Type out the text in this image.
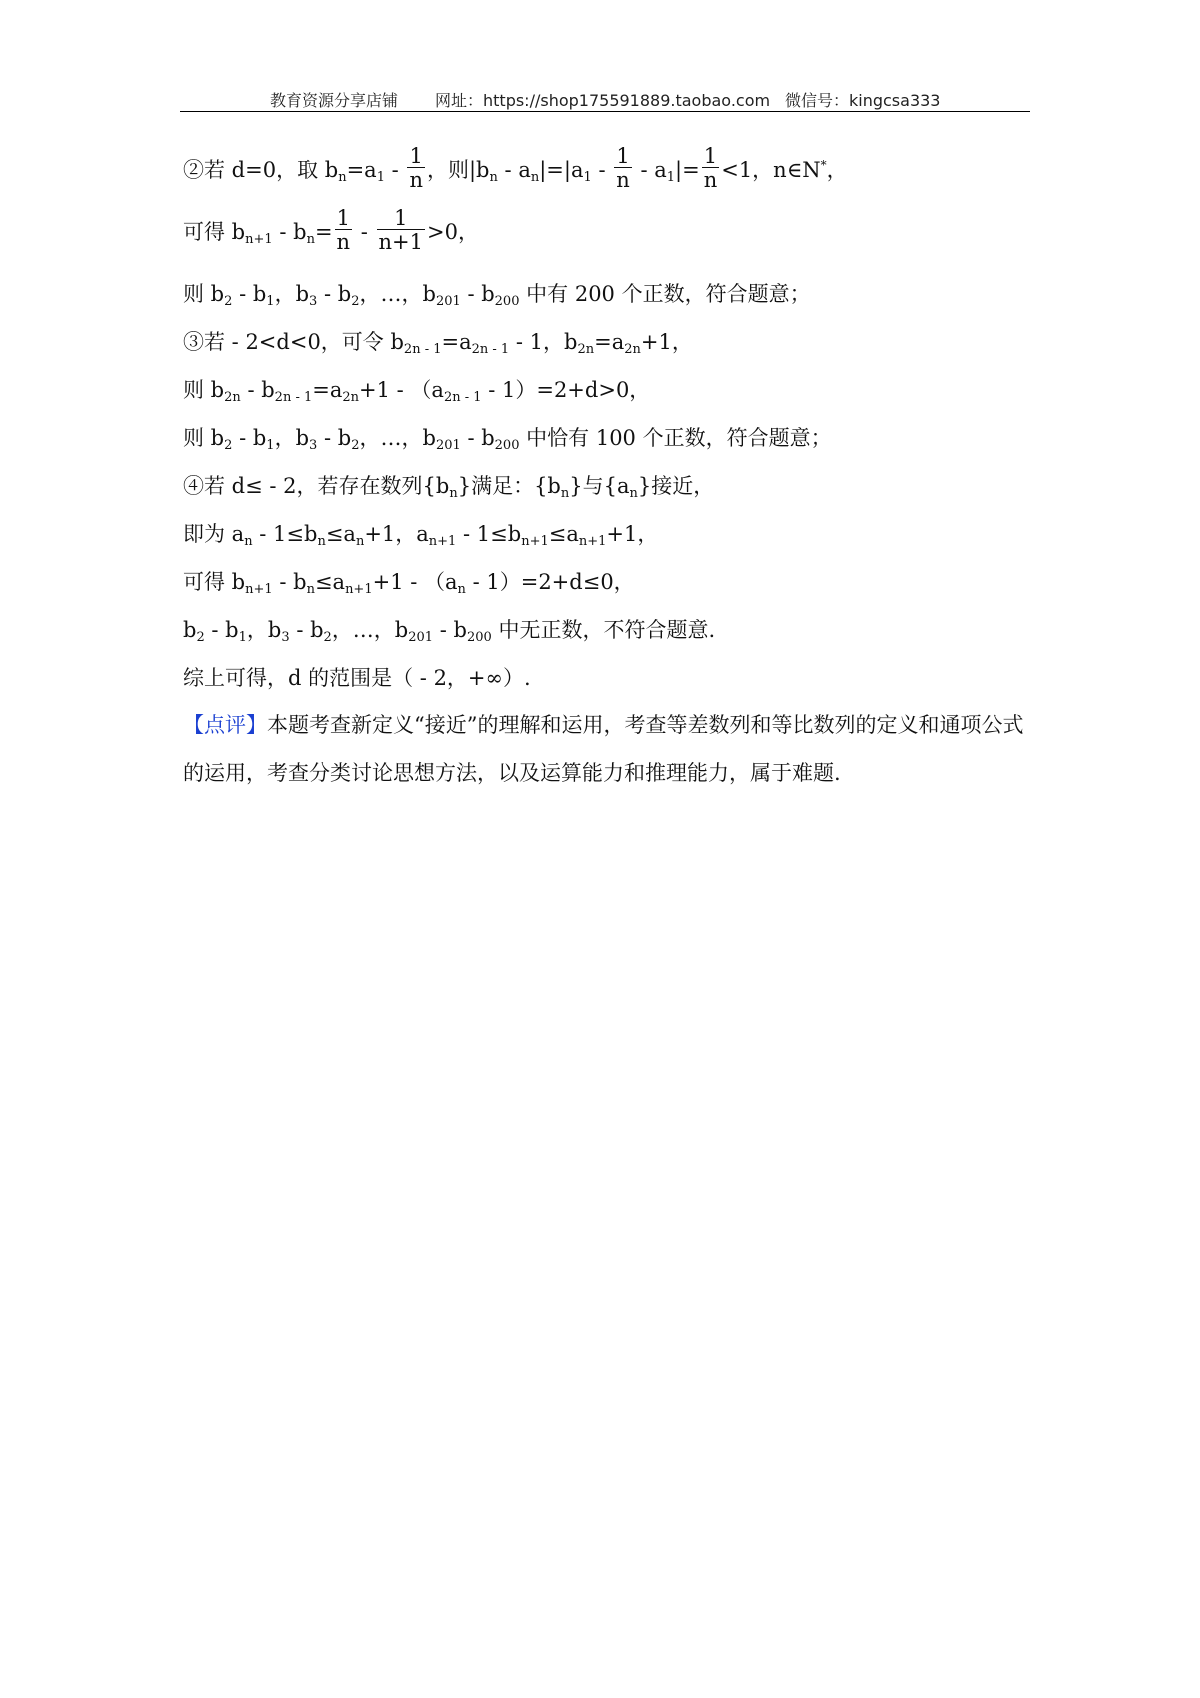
教育资源分享店铺 网址：https://shop175591889.taobao.com 微信号：kingcsa333
②若 d=0，取 $bn=a1 - \frac{1}{n}$ ，则$|bn - an|=|a1 - \frac{1}{n} - a1|= \frac{1}{n} <1$，n∈N*，
可得 $bn+1 - bn= \frac{1}{n} - \frac{1}{n+1} >0$，
则 b2 - b1，b3 - b2，…，b201 - b200 中有 200 个正数，符合题意；
③若 - 2<d<0，可令 b2n - 1=a2n - 1 - 1，b2n=a2n+1，
则 b2n - b2n - 1=a2n+1 - （a2n - 1 - 1）=2+d>0，
则 b2 - b1，b3 - b2，…，b201 - b200 中恰有 100 个正数，符合题意；
④若 d≤ - 2，若存在数列{bn}满足：{bn}与{an}接近，
即为 an - 1≤bn≤an+1，an+1 - 1≤bn+1≤an+1+1，
可得 bn+1 - bn≤an+1+1 - （an - 1）=2+d≤0，
b2 - b1，b3 - b2，…，b201 - b200 中无正数，不符合题意.
综上可得，d 的范围是（ - 2，+∞）.
【点评】本题考查新定义“接近”的理解和运用，考查等差数列和等比数列的定义和通项公式的运用，考查分类讨论思想方法，以及运算能力和推理能力，属于难题.
